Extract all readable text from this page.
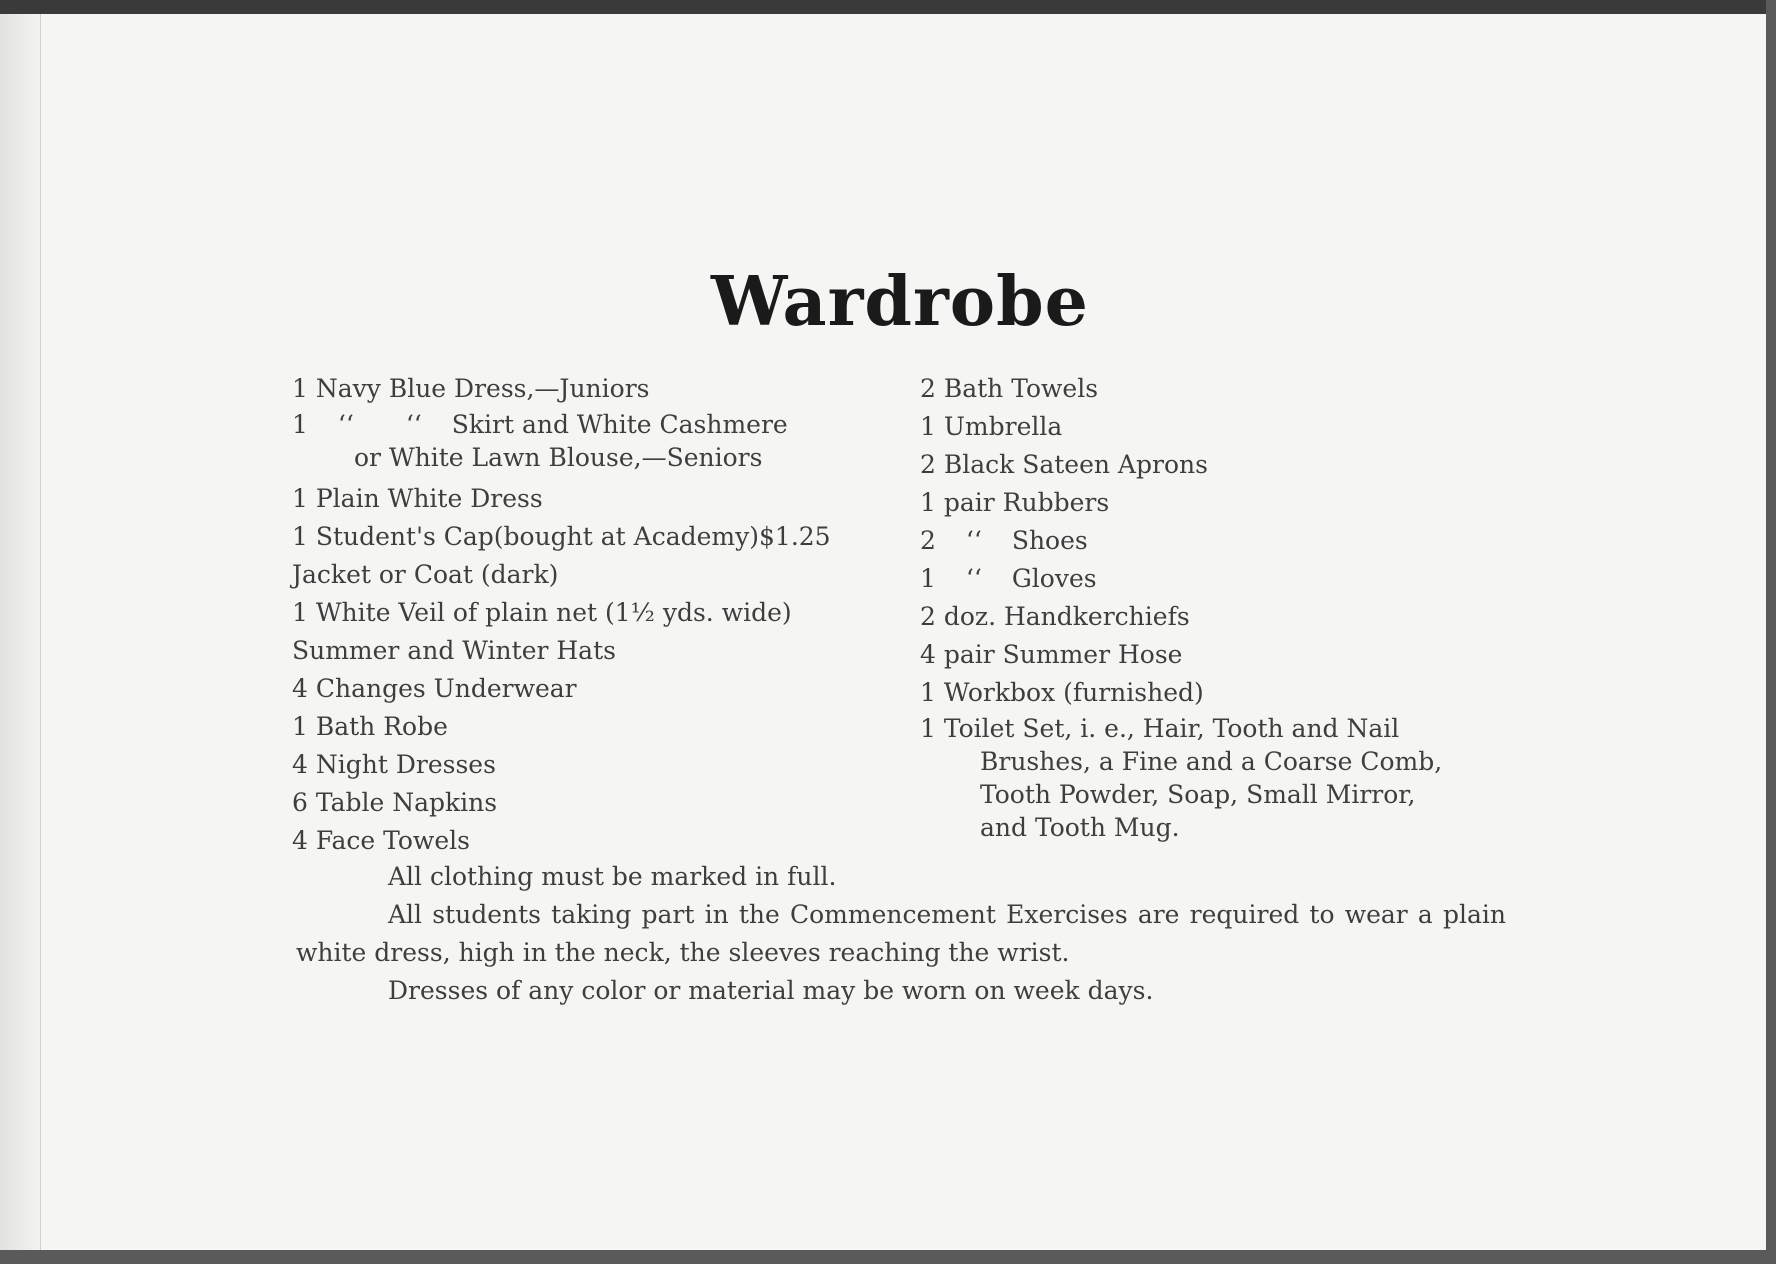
Wardrobe
1 Navy Blue Dress,—Juniors
1 ‘‘ ‘‘ Skirt and White Cashmere
or White Lawn Blouse,—Seniors
1 Plain White Dress
1 Student's Cap(bought at Academy)$1.25
Jacket or Coat (dark)
1 White Veil of plain net (1½ yds. wide)
Summer and Winter Hats
4 Changes Underwear
1 Bath Robe
4 Night Dresses
6 Table Napkins
4 Face Towels
2 Bath Towels
1 Umbrella
2 Black Sateen Aprons
1 pair Rubbers
2 ‘‘ Shoes
1 ‘‘ Gloves
2 doz. Handkerchiefs
4 pair Summer Hose
1 Workbox (furnished)
1 Toilet Set, i. e., Hair, Tooth and Nail
Brushes, a Fine and a Coarse Comb,
Tooth Powder, Soap, Small Mirror,
and Tooth Mug.

All clothing must be marked in full.

All students taking part in the Commencement Exercises are required to wear a plain white dress, high in the neck, the sleeves reaching the wrist.

Dresses of any color or material may be worn on week days.
